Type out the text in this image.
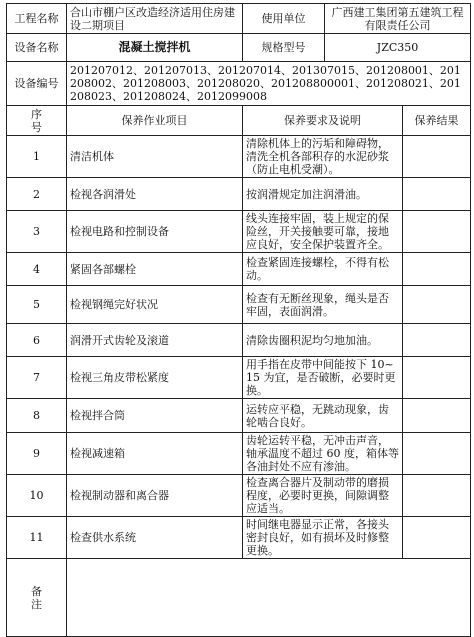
工程名称	合山市棚户区改造经济适用住房建设二期项目	使用单位	广西建工集团第五建筑工程有限责任公司	
设备名称	混凝土搅拌机	规格型号	JZC350	
设备编号	201207012、201207013、201207014、201307015、201208001、201208002、201208003、201208020、201208800001、201208021、201208023、201208024、2012099008			
序
号	保养作业项目	保养要求及说明		保养结果
1	清洁机体	清除机体上的污垢和障碍物，清洗全机各部积存的水泥砂浆（防止电机受潮）。		
2	检视各润滑处	按润滑规定加注润滑油。		
3	检视电路和控制设备	线头连接牢固，装上规定的保险丝，开关接触要可靠，接地应良好，安全保护装置齐全。		
4	紧固各部螺栓	检查紧固连接螺栓，不得有松动。		
5	检视钢绳完好状况	检查有无断丝现象，绳头是否牢固，表面润滑。		
6	润滑开式齿轮及滚道	清除齿圈积泥均匀地加油。		
7	检视三角皮带松紧度	用手指在皮带中间能按下 10~15 为宜，是否破断，必要时更换。		
8	检视拌合筒	运转应平稳，无跳动现象，齿轮啮合良好。		
9	检视减速箱	齿轮运转平稳，无冲击声音，轴承温度不超过 60 度，箱体等各油封处不应有渗油。		
10	检视制动器和离合器	检查离合器片及制动带的磨损程度，必要时更换，间隙调整应适当。		
11	检查供水系统	时间继电器显示正常，各接头密封良好，如有损坏及时修整更换。		
备
注				
